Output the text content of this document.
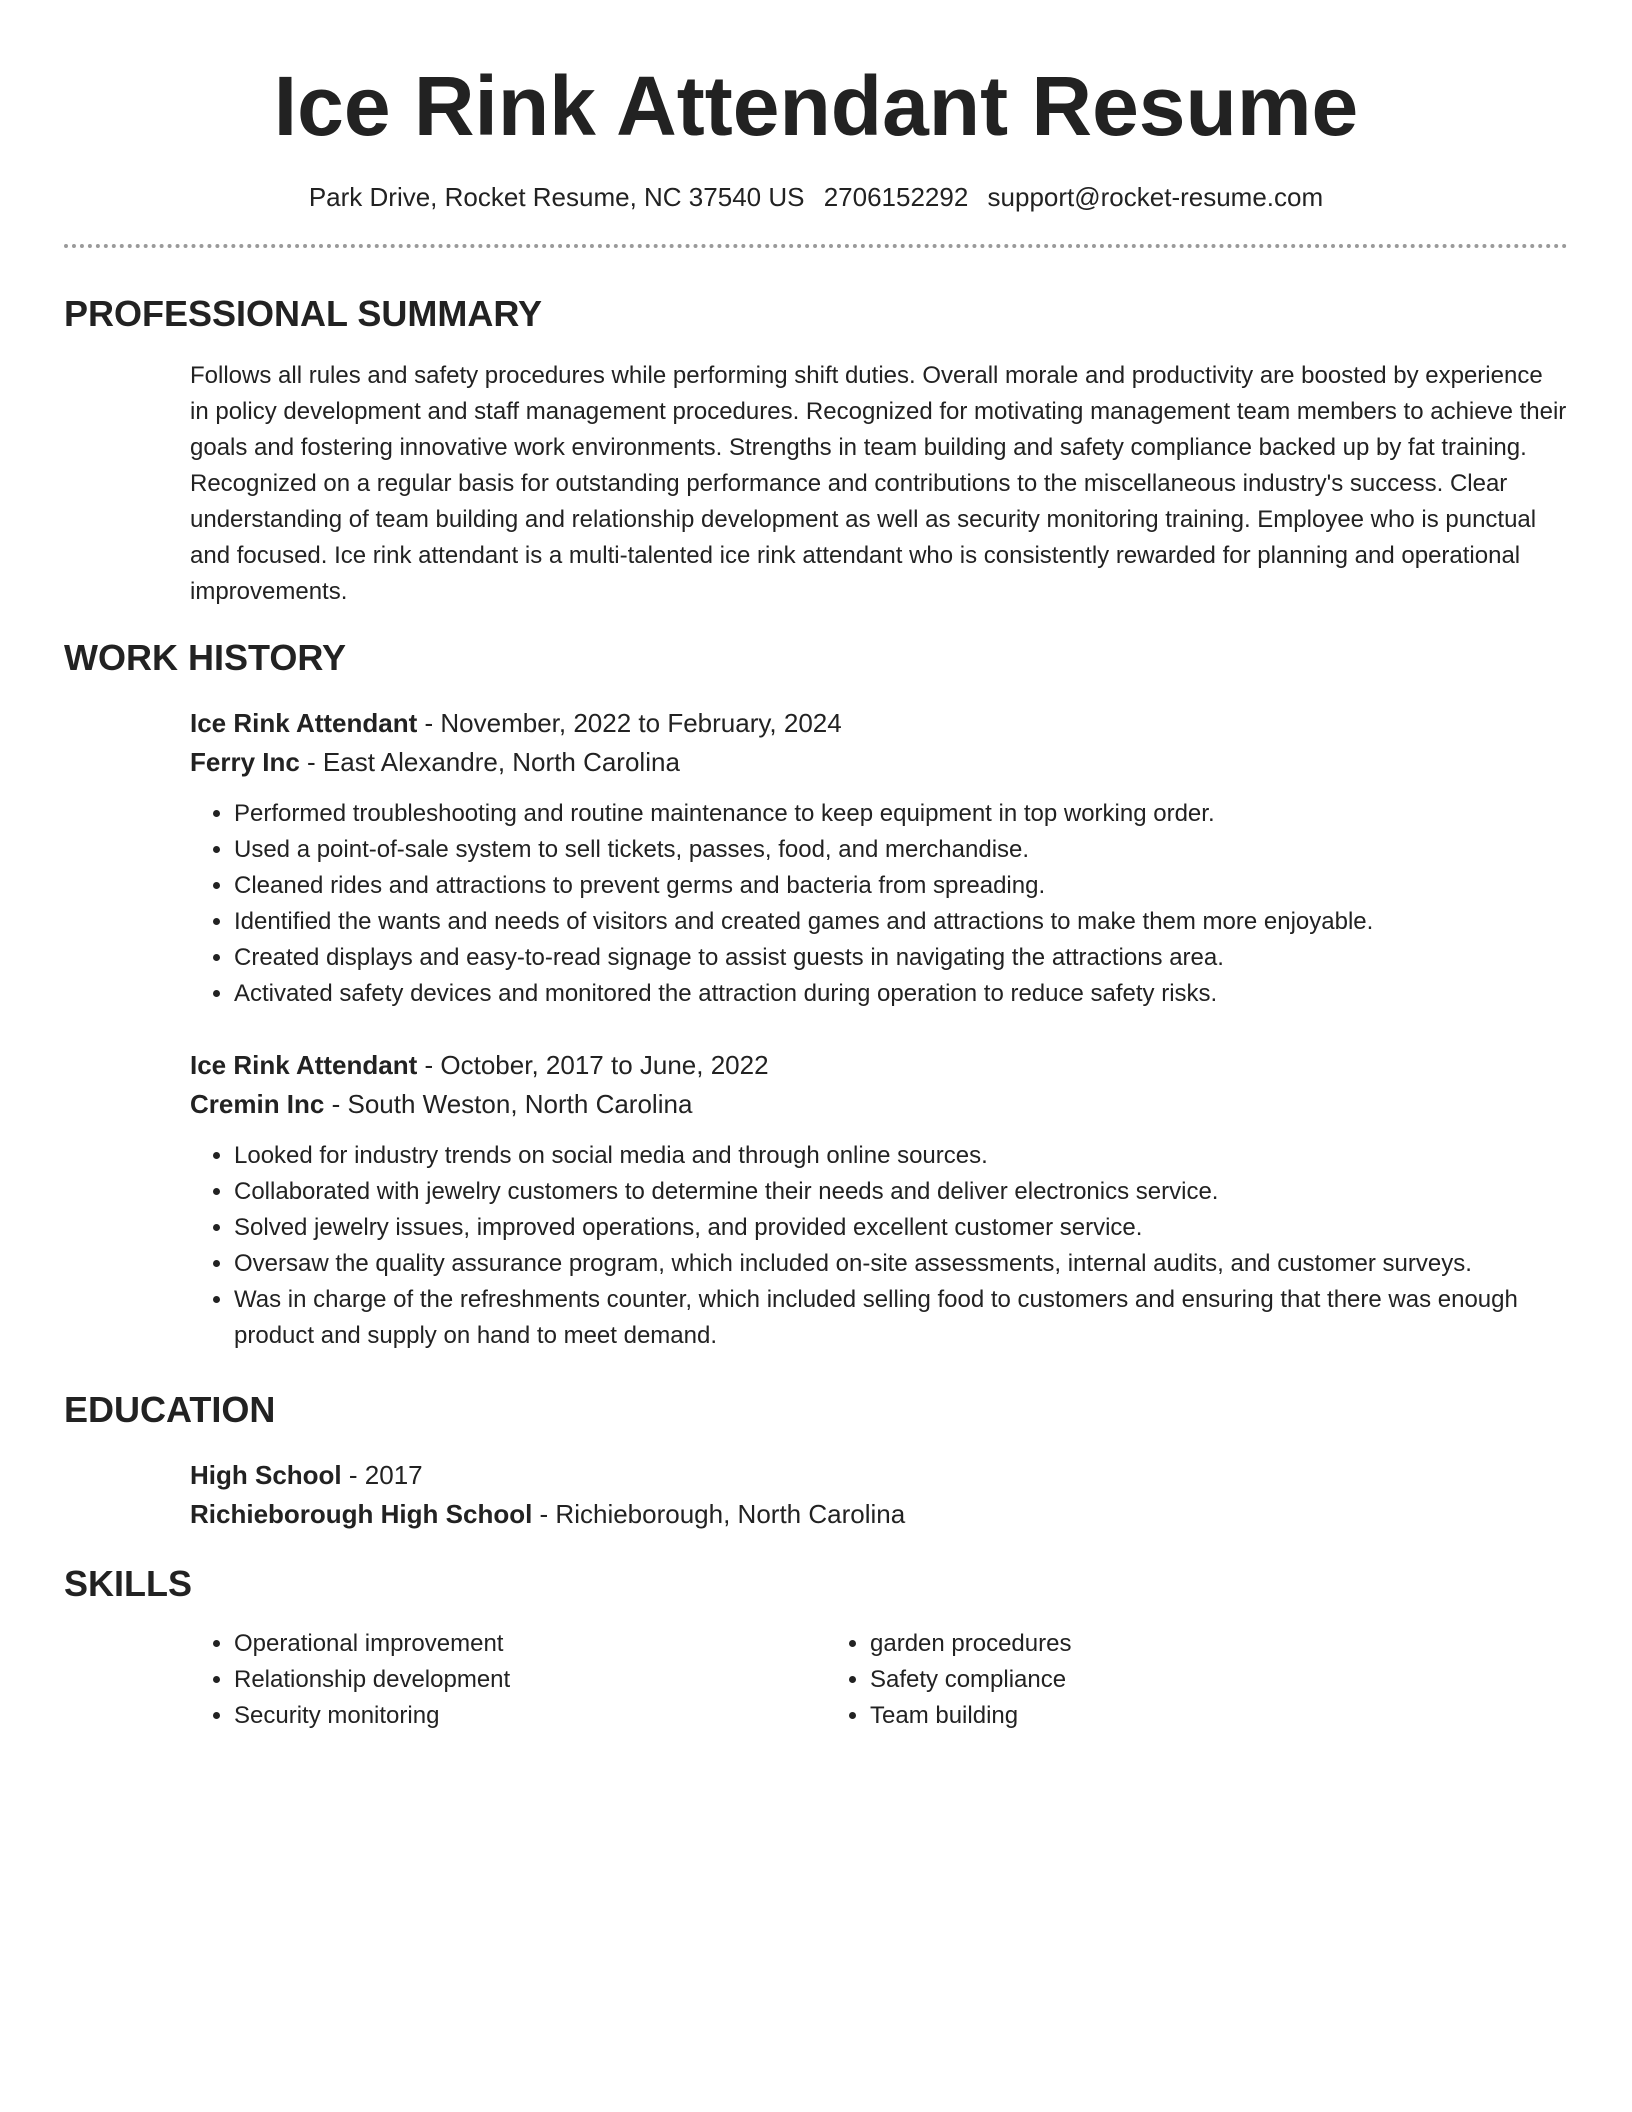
Ice Rink Attendant Resume
Park Drive, Rocket Resume, NC 37540 US 2706152292 support@rocket-resume.com
PROFESSIONAL SUMMARY
Follows all rules and safety procedures while performing shift duties. Overall morale and productivity are boosted by experience in policy development and staff management procedures. Recognized for motivating management team members to achieve their goals and fostering innovative work environments. Strengths in team building and safety compliance backed up by fat training. Recognized on a regular basis for outstanding performance and contributions to the miscellaneous industry's success. Clear understanding of team building and relationship development as well as security monitoring training. Employee who is punctual and focused. Ice rink attendant is a multi-talented ice rink attendant who is consistently rewarded for planning and operational improvements.
WORK HISTORY
Ice Rink Attendant - November, 2022 to February, 2024
Ferry Inc - East Alexandre, North Carolina
• Performed troubleshooting and routine maintenance to keep equipment in top working order.
• Used a point-of-sale system to sell tickets, passes, food, and merchandise.
• Cleaned rides and attractions to prevent germs and bacteria from spreading.
• Identified the wants and needs of visitors and created games and attractions to make them more enjoyable.
• Created displays and easy-to-read signage to assist guests in navigating the attractions area.
• Activated safety devices and monitored the attraction during operation to reduce safety risks.
Ice Rink Attendant - October, 2017 to June, 2022
Cremin Inc - South Weston, North Carolina
• Looked for industry trends on social media and through online sources.
• Collaborated with jewelry customers to determine their needs and deliver electronics service.
• Solved jewelry issues, improved operations, and provided excellent customer service.
• Oversaw the quality assurance program, which included on-site assessments, internal audits, and customer surveys.
• Was in charge of the refreshments counter, which included selling food to customers and ensuring that there was enough product and supply on hand to meet demand.
EDUCATION
High School - 2017
Richieborough High School - Richieborough, North Carolina
SKILLS
• Operational improvement
• Relationship development
• Security monitoring
• garden procedures
• Safety compliance
• Team building
